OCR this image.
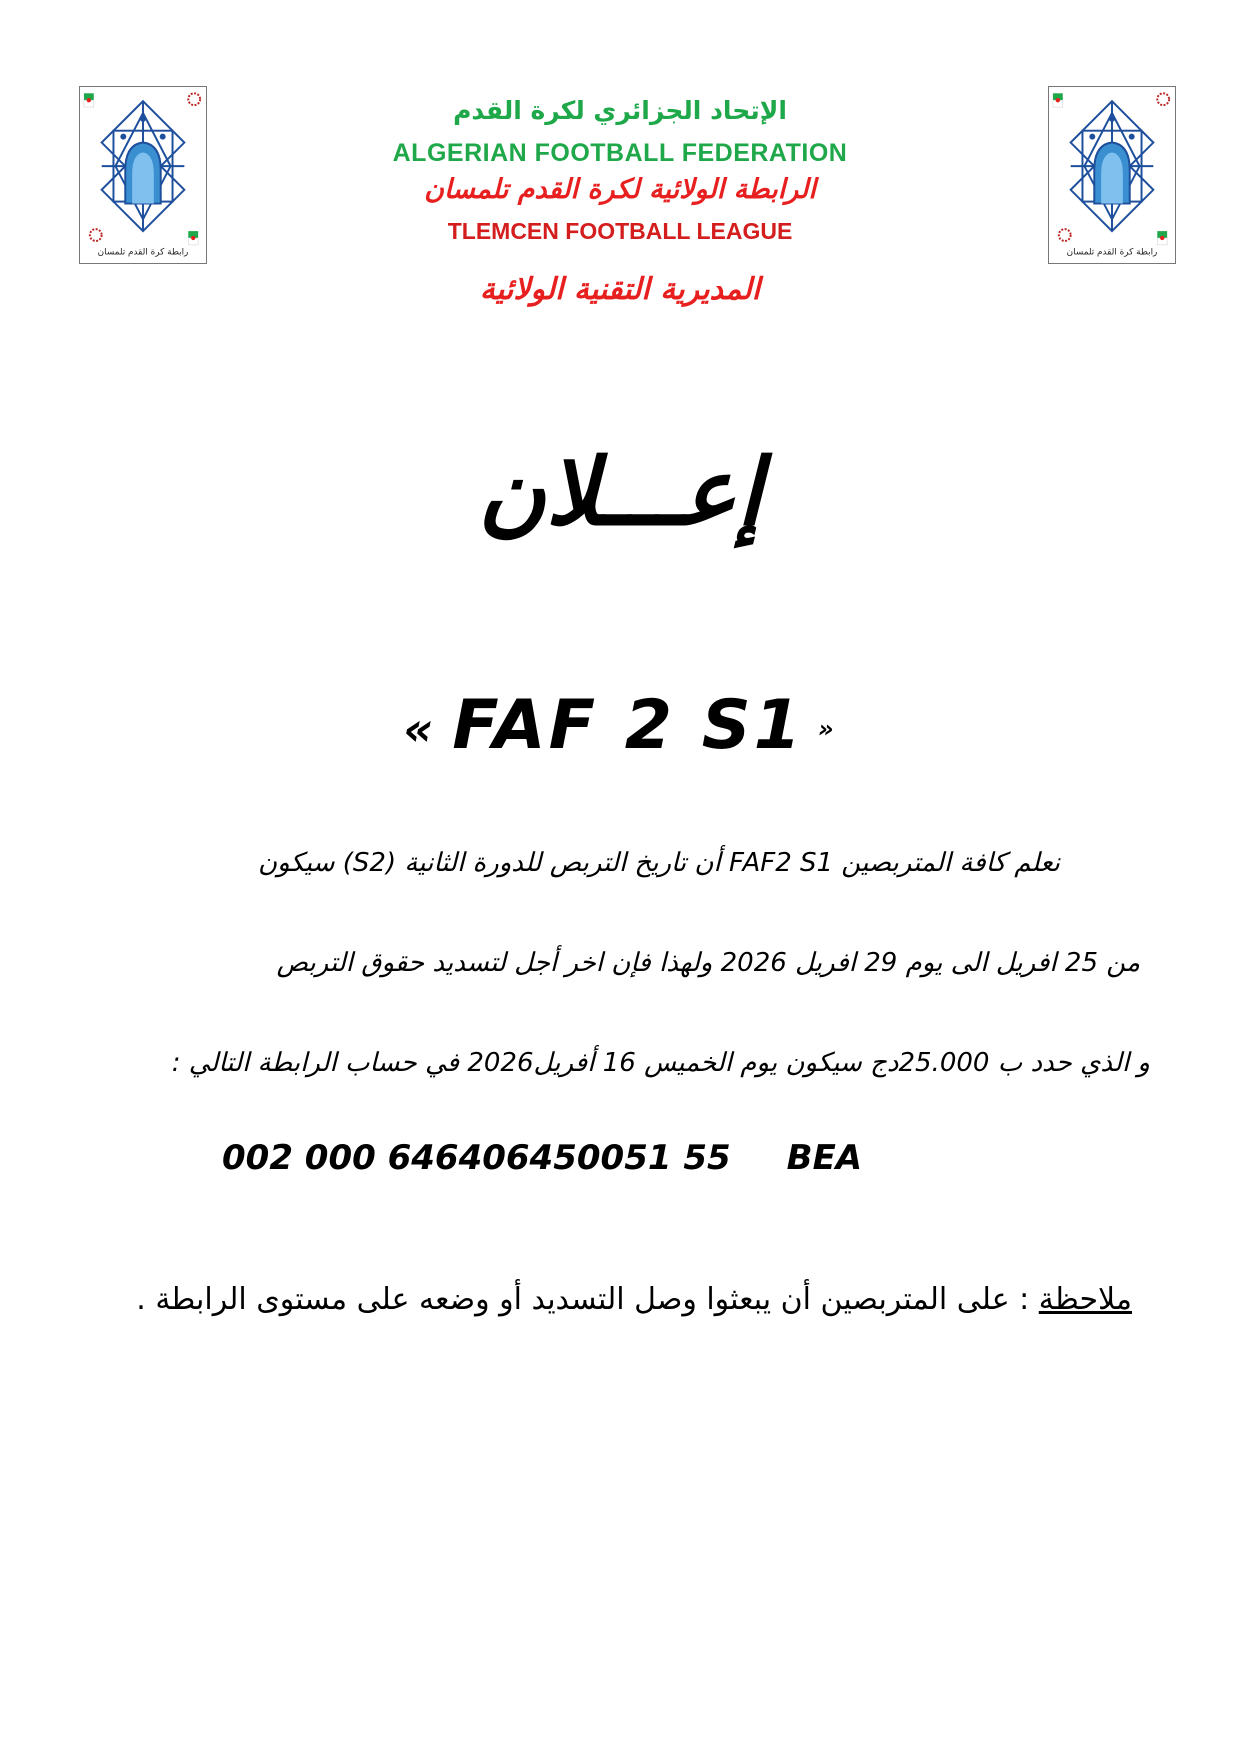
رابطة كرة القدم تلمسان	رابطة كرة القدم تلمسان
الإتحاد الجزائري لكرة القدم
ALGERIAN FOOTBALL FEDERATION
الرابطة الولائية لكرة القدم تلمسان
TLEMCEN FOOTBALL LEAGUE
المديرية التقنية الولائية
إعـــلان
« FAF 2 S1 »
نعلم كافة المتربصين FAF2 S1 أن تاريخ التربص للدورة الثانية (S2) سيكون
من 25 افريل الى يوم 29 افريل 2026 ولهذا فإن اخر أجل لتسديد حقوق التربص
و الذي حدد ب 25.000دج سيكون يوم الخميس 16 أفريل2026 في حساب الرابطة التالي :
002 000 646406450051 55 BEA
ملاحظة : على المتربصين أن يبعثوا وصل التسديد أو وضعه على مستوى الرابطة .
